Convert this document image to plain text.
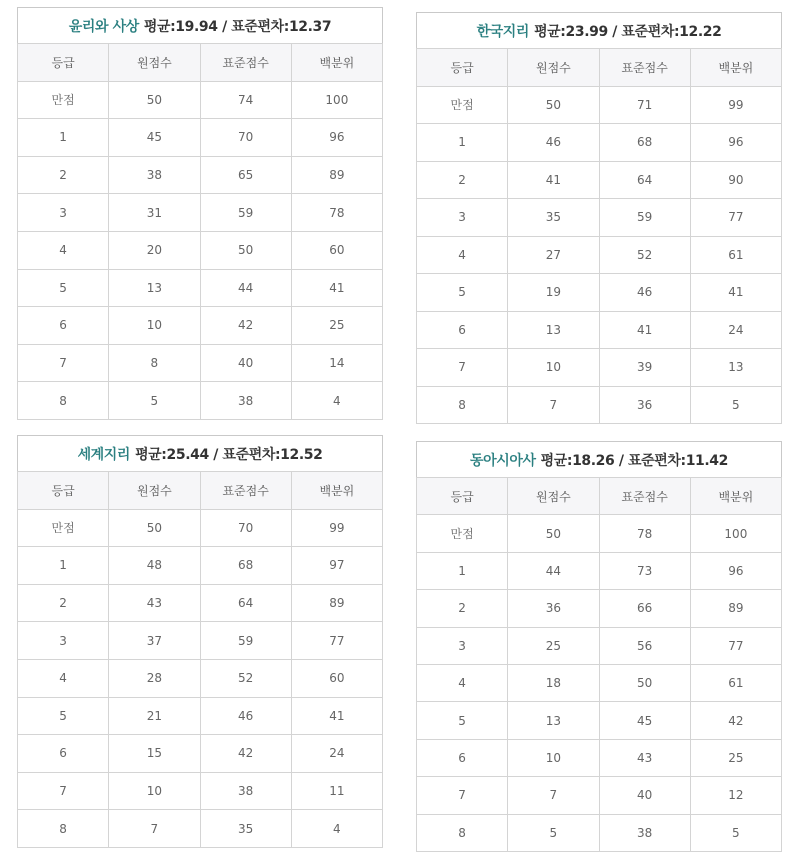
윤리와 사상 평균:19.94 / 표준편차:12.37
등급	원점수	표준점수	백분위
만점	50	74	100
1	45	70	96
2	38	65	89
3	31	59	78
4	20	50	60
5	13	44	41
6	10	42	25
7	8	40	14
8	5	38	4
한국지리 평균:23.99 / 표준편차:12.22
등급	원점수	표준점수	백분위
만점	50	71	99
1	46	68	96
2	41	64	90
3	35	59	77
4	27	52	61
5	19	46	41
6	13	41	24
7	10	39	13
8	7	36	5
세계지리 평균:25.44 / 표준편차:12.52
등급	원점수	표준점수	백분위
만점	50	70	99
1	48	68	97
2	43	64	89
3	37	59	77
4	28	52	60
5	21	46	41
6	15	42	24
7	10	38	11
8	7	35	4
동아시아사 평균:18.26 / 표준편차:11.42
등급	원점수	표준점수	백분위
만점	50	78	100
1	44	73	96
2	36	66	89
3	25	56	77
4	18	50	61
5	13	45	42
6	10	43	25
7	7	40	12
8	5	38	5
